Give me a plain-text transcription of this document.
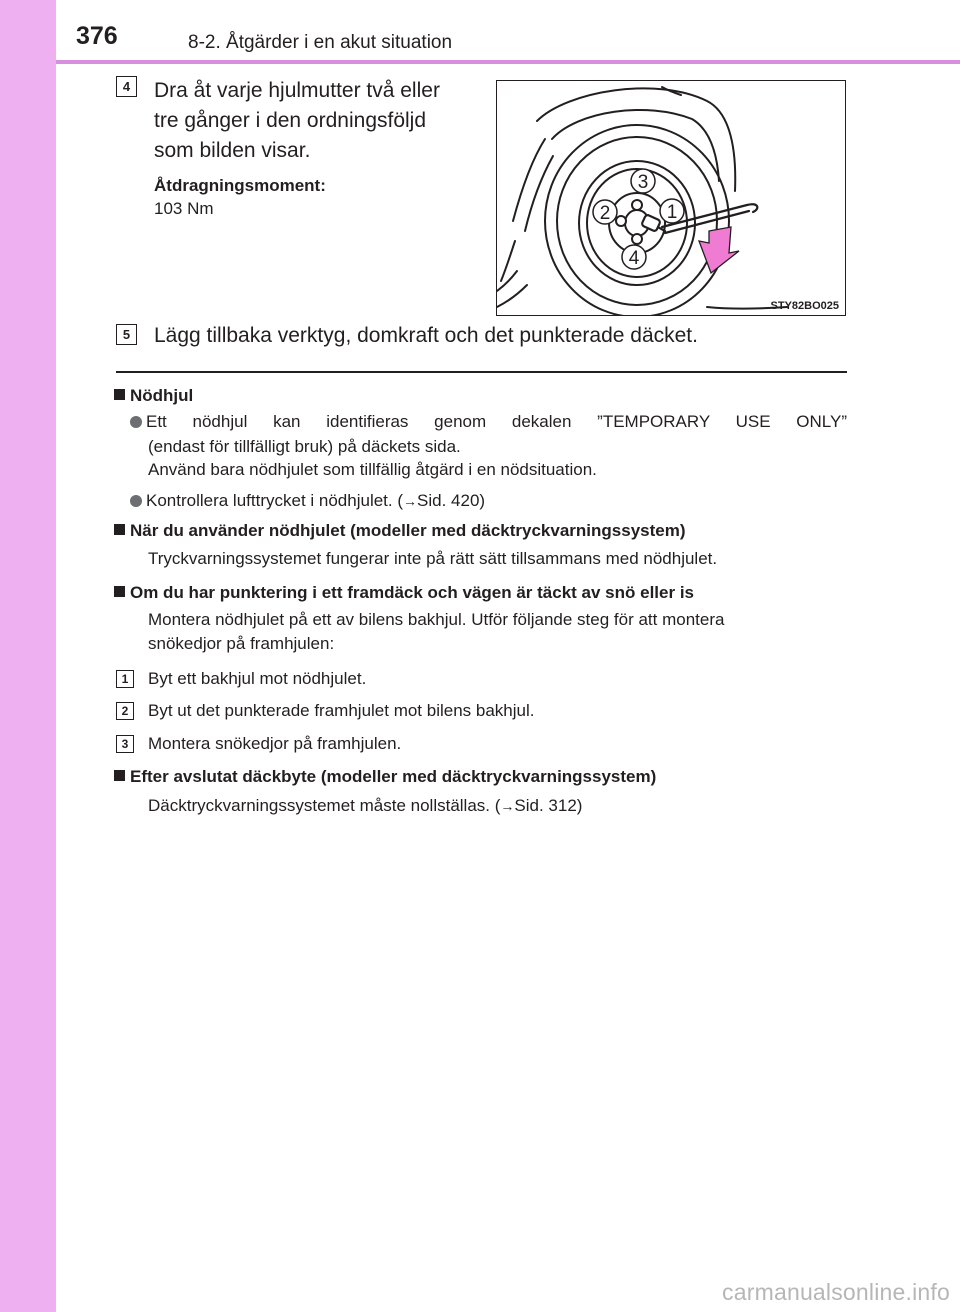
376	8-2. Åtgärder i en akut situation
4	Dra åt varje hjulmutter två eller
tre gånger i den ordningsföljd
som bilden visar.
Åtdragningsmoment:
103 Nm	1
2
3
4
STY82BO025
5	Lägg tillbaka verktyg, domkraft och det punkterade däcket.
Nödhjul
Ett nödhjul kan identifieras genom dekalen ”TEMPORARY USE ONLY”
(endast för tillfälligt bruk) på däckets sida.
Använd bara nödhjulet som tillfällig åtgärd i en nödsituation.
Kontrollera lufttrycket i nödhjulet. (→Sid. 420)
När du använder nödhjulet (modeller med däcktryckvarningssystem)
Tryckvarningssystemet fungerar inte på rätt sätt tillsammans med nödhjulet.
Om du har punktering i ett framdäck och vägen är täckt av snö eller is
Montera nödhjulet på ett av bilens bakhjul. Utför följande steg för att montera
snökedjor på framhjulen:
1	Byt ett bakhjul mot nödhjulet.
2	Byt ut det punkterade framhjulet mot bilens bakhjul.
3	Montera snökedjor på framhjulen.
Efter avslutat däckbyte (modeller med däcktryckvarningssystem)
Däcktryckvarningssystemet måste nollställas. (→Sid. 312)
carmanualsonline.info
